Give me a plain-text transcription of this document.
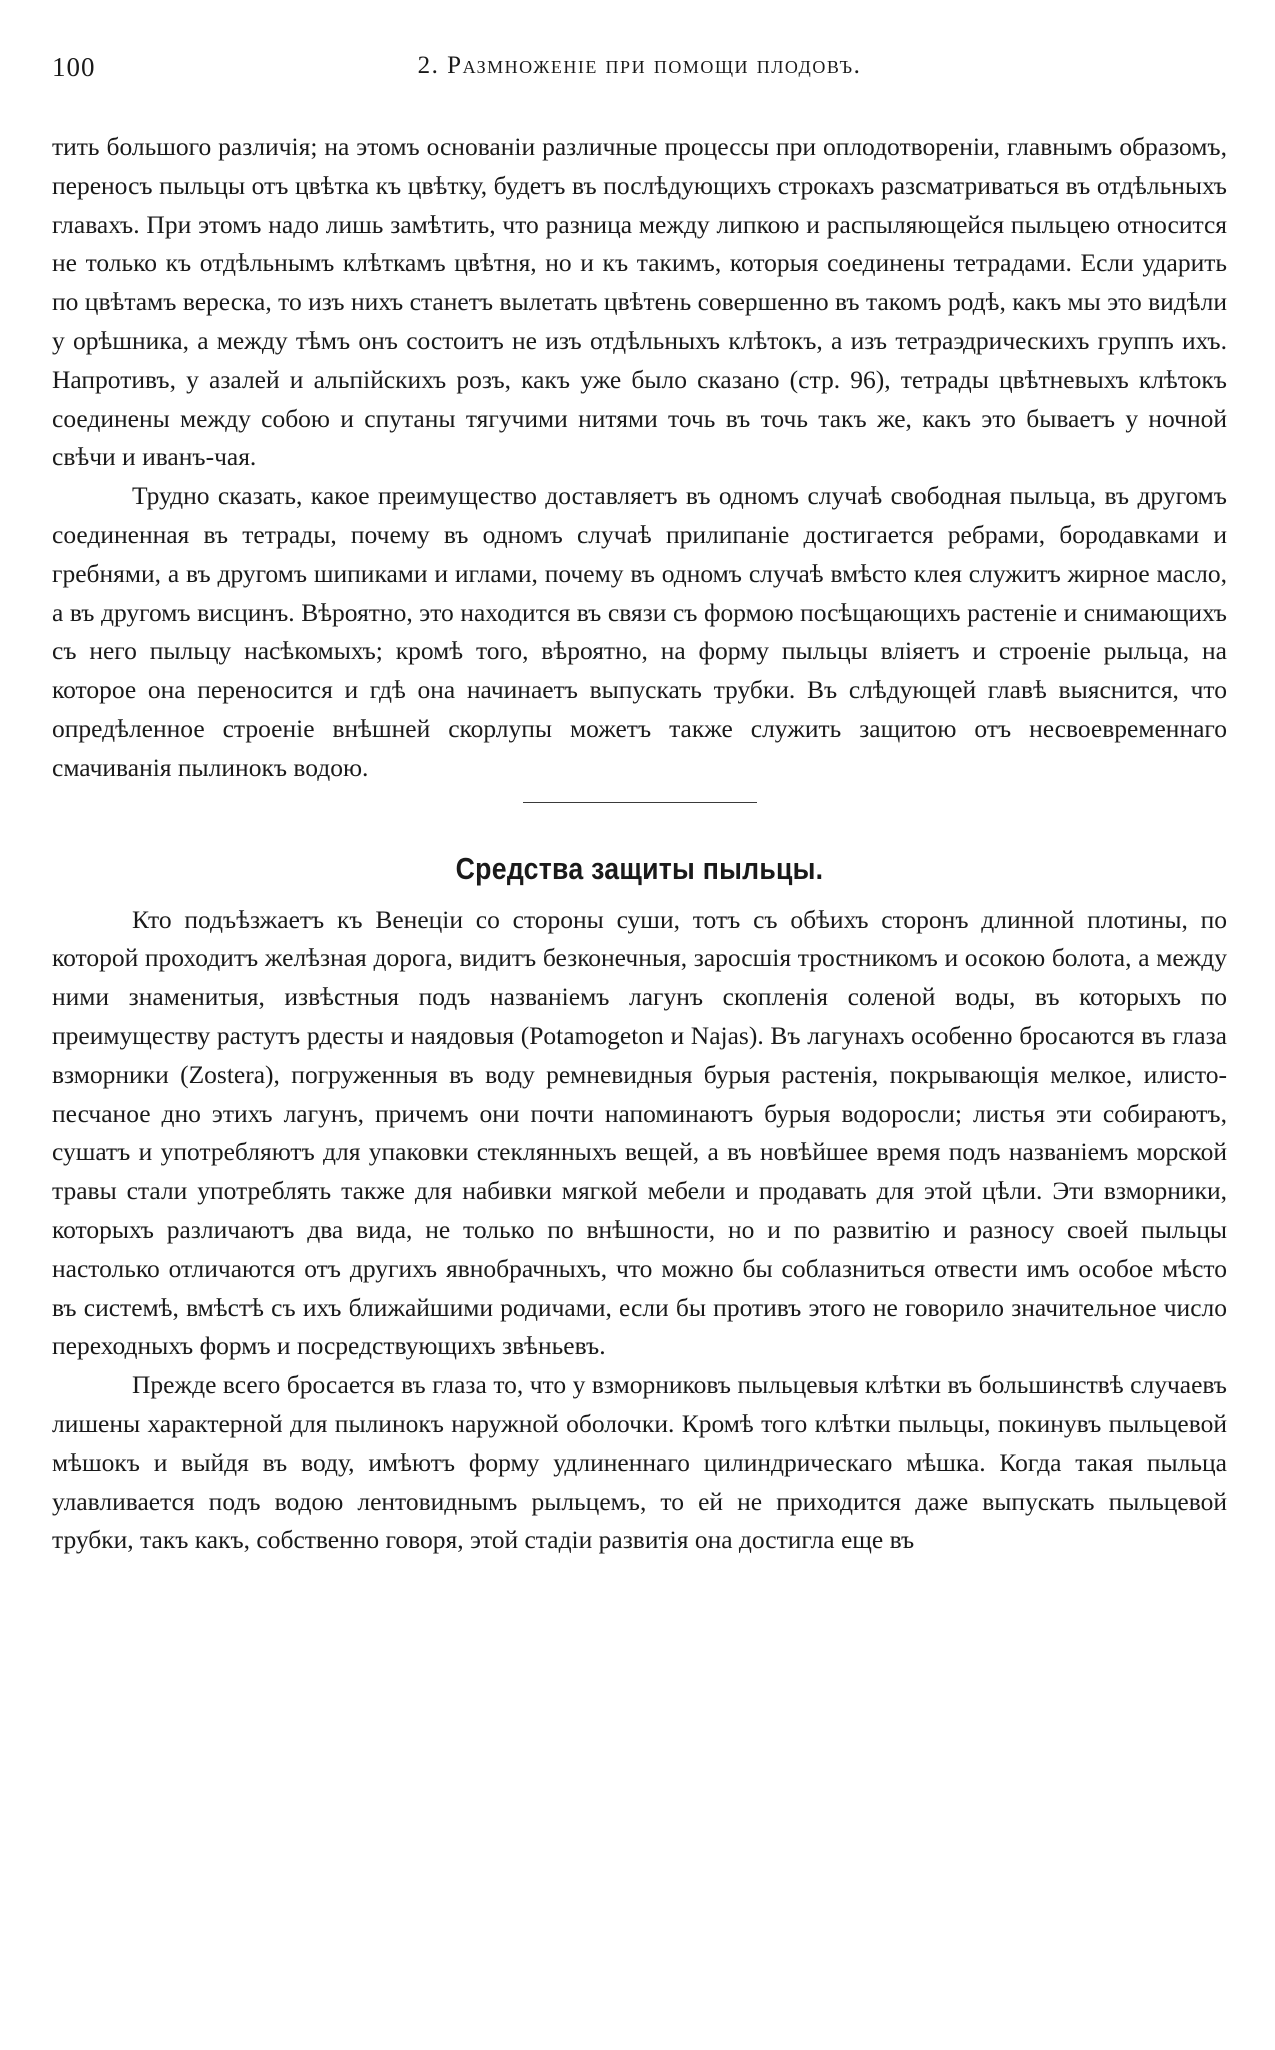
100	2. Размноженіе при помощи плодовъ.

тить большого различія; на этомъ основаніи различные процессы при оплодотвореніи, главнымъ образомъ, переносъ пыльцы отъ цвѣтка къ цвѣтку, будетъ въ послѣдующихъ строкахъ разсматриваться въ отдѣльныхъ главахъ. При этомъ надо лишь замѣтить, что разница между липкою и распыляющейся пыльцею относится не только къ отдѣльнымъ клѣткамъ цвѣтня, но и къ такимъ, которыя соединены тетрадами. Если ударить по цвѣтамъ вереска, то изъ нихъ станетъ вылетать цвѣтень совершенно въ такомъ родѣ, какъ мы это видѣли у орѣшника, а между тѣмъ онъ состоитъ не изъ отдѣльныхъ клѣтокъ, а изъ тетраэдрическихъ группъ ихъ. Напротивъ, у азалей и альпійскихъ розъ, какъ уже было сказано (стр. 96), тетрады цвѣтневыхъ клѣтокъ соединены между собою и спутаны тягучими нитями точь въ точь такъ же, какъ это бываетъ у ночной свѣчи и иванъ-чая.

Трудно сказать, какое преимущество доставляетъ въ одномъ случаѣ свободная пыльца, въ другомъ соединенная въ тетрады, почему въ одномъ случаѣ прилипаніе достигается ребрами, бородавками и гребнями, а въ другомъ шипиками и иглами, почему въ одномъ случаѣ вмѣсто клея служитъ жирное масло, а въ другомъ висцинъ. Вѣроятно, это находится въ связи съ формою посѣщающихъ растеніе и снимающихъ съ него пыльцу насѣкомыхъ; кромѣ того, вѣроятно, на форму пыльцы вліяетъ и строеніе рыльца, на которое она переносится и гдѣ она начинаетъ выпускать трубки. Въ слѣдующей главѣ выяснится, что опредѣленное строеніе внѣшней скорлупы можетъ также служить защитою отъ несвоевременнаго смачиванія пылинокъ водою.

Средства защиты пыльцы.

Кто подъѣзжаетъ къ Венеціи со стороны суши, тотъ съ обѣихъ сторонъ длинной плотины, по которой проходитъ желѣзная дорога, видитъ безконечныя, заросшія тростникомъ и осокою болота, а между ними знаменитыя, извѣстныя подъ названіемъ лагунъ скопленія соленой воды, въ которыхъ по преимуществу растутъ рдесты и наядовыя (Potamogeton и Najas). Въ лагунахъ особенно бросаются въ глаза взморники (Zostera), погруженныя въ воду ремневидныя бурыя растенія, покрывающія мелкое, илисто-песчаное дно этихъ лагунъ, причемъ они почти напоминаютъ бурыя водоросли; листья эти собираютъ, сушатъ и употребляютъ для упаковки стеклянныхъ вещей, а въ новѣйшее время подъ названіемъ морской травы стали употреблять также для набивки мягкой мебели и продавать для этой цѣли. Эти взморники, которыхъ различаютъ два вида, не только по внѣшности, но и по развитію и разносу своей пыльцы настолько отличаются отъ другихъ явнобрачныхъ, что можно бы соблазниться отвести имъ особое мѣсто въ системѣ, вмѣстѣ съ ихъ ближайшими родичами, если бы противъ этого не говорило значительное число переходныхъ формъ и посредствующихъ звѣньевъ.

Прежде всего бросается въ глаза то, что у взморниковъ пыльцевыя клѣтки въ большинствѣ случаевъ лишены характерной для пылинокъ наружной оболочки. Кромѣ того клѣтки пыльцы, покинувъ пыльцевой мѣшокъ и выйдя въ воду, имѣютъ форму удлиненнаго цилиндрическаго мѣшка. Когда такая пыльца улавливается подъ водою лентовиднымъ рыльцемъ, то ей не приходится даже выпускать пыльцевой трубки, такъ какъ, собственно говоря, этой стадіи развитія она достигла еще въ
